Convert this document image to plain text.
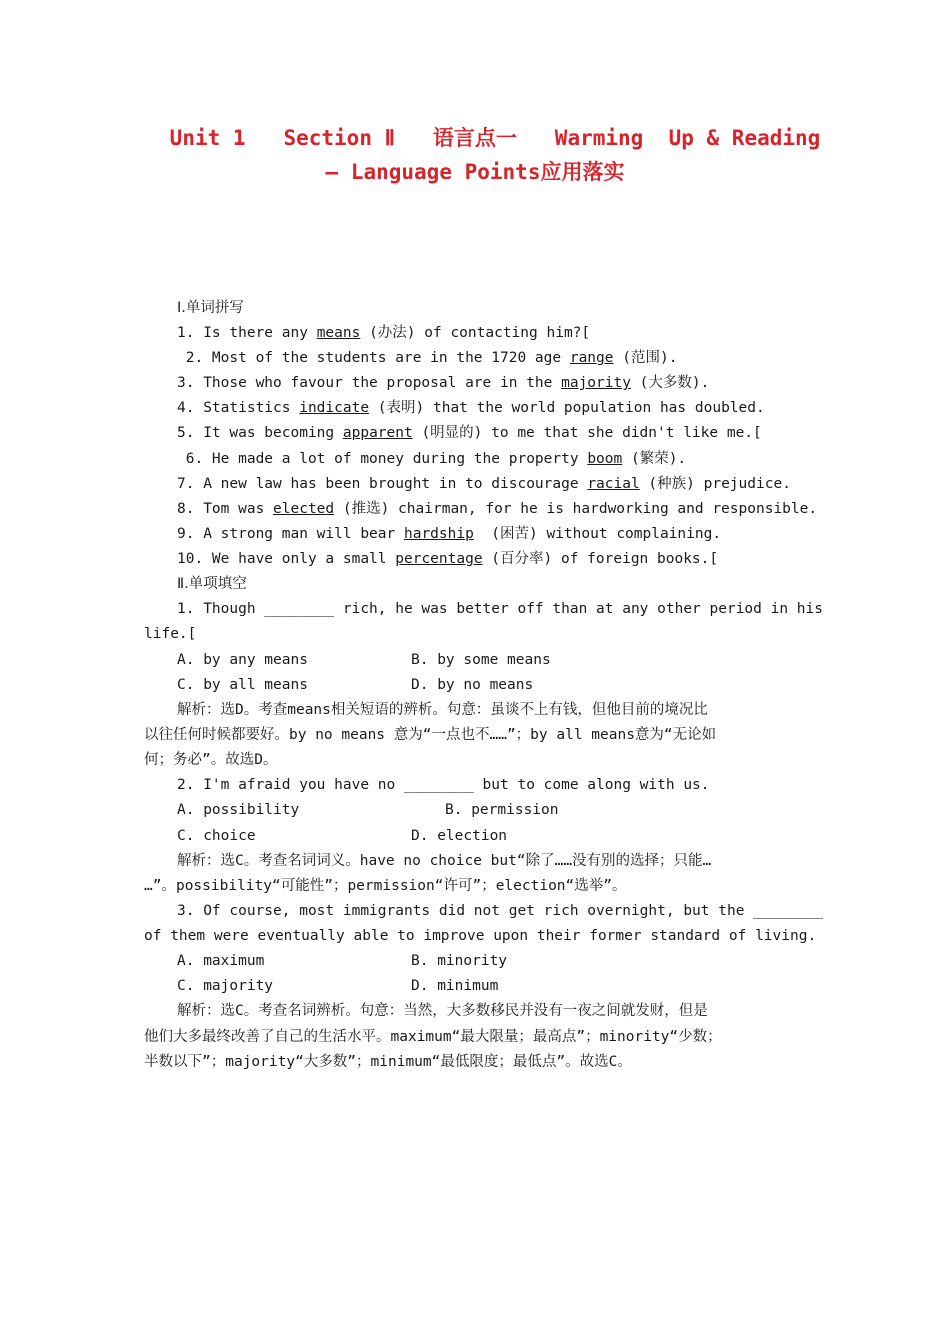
Unit 1   Section Ⅱ   语言点一   Warming  Up & Reading
— Language Points应用落实
Ⅰ.单词拼写
1. Is there any means (办法) of contacting him?[
2. Most of the students are in the 1720 age range (范围).
3. Those who favour the proposal are in the majority (大多数).
4. Statistics indicate (表明) that the world population has doubled.
5. It was becoming apparent (明显的) to me that she didn't like me.[
6. He made a lot of money during the property boom (繁荣).
7. A new law has been brought in to discourage racial (种族) prejudice.
8. Tom was elected (推选) chairman, for he is hardworking and responsible.
9. A strong man will bear hardship  (困苦) without complaining.
10. We have only a small percentage (百分率) of foreign books.[
Ⅱ.单项填空
1. Though ________ rich, he was better off than at any other period in his
life.[
A. by any means	B. by some means
C. by all means	D. by no means
解析：选D。考查means相关短语的辨析。句意：虽谈不上有钱，但他目前的境况比
以往任何时候都要好。by no means 意为“一点也不……”；by all means意为“无论如
何；务必”。故选D。
2. I'm afraid you have no ________ but to come along with us.
A. possibility	B. permission
C. choice	D. election
解析：选C。考查名词词义。have no choice but“除了……没有别的选择；只能…
…”。possibility“可能性”；permission“许可”；election“选举”。
3. Of course, most immigrants did not get rich overnight, but the ________
of them were eventually able to improve upon their former standard of living.
A. maximum	B. minority
C. majority	D. minimum
解析：选C。考查名词辨析。句意：当然，大多数移民并没有一夜之间就发财，但是
他们大多最终改善了自己的生活水平。maximum“最大限量；最高点”；minority“少数；
半数以下”；majority“大多数”；minimum“最低限度；最低点”。故选C。
